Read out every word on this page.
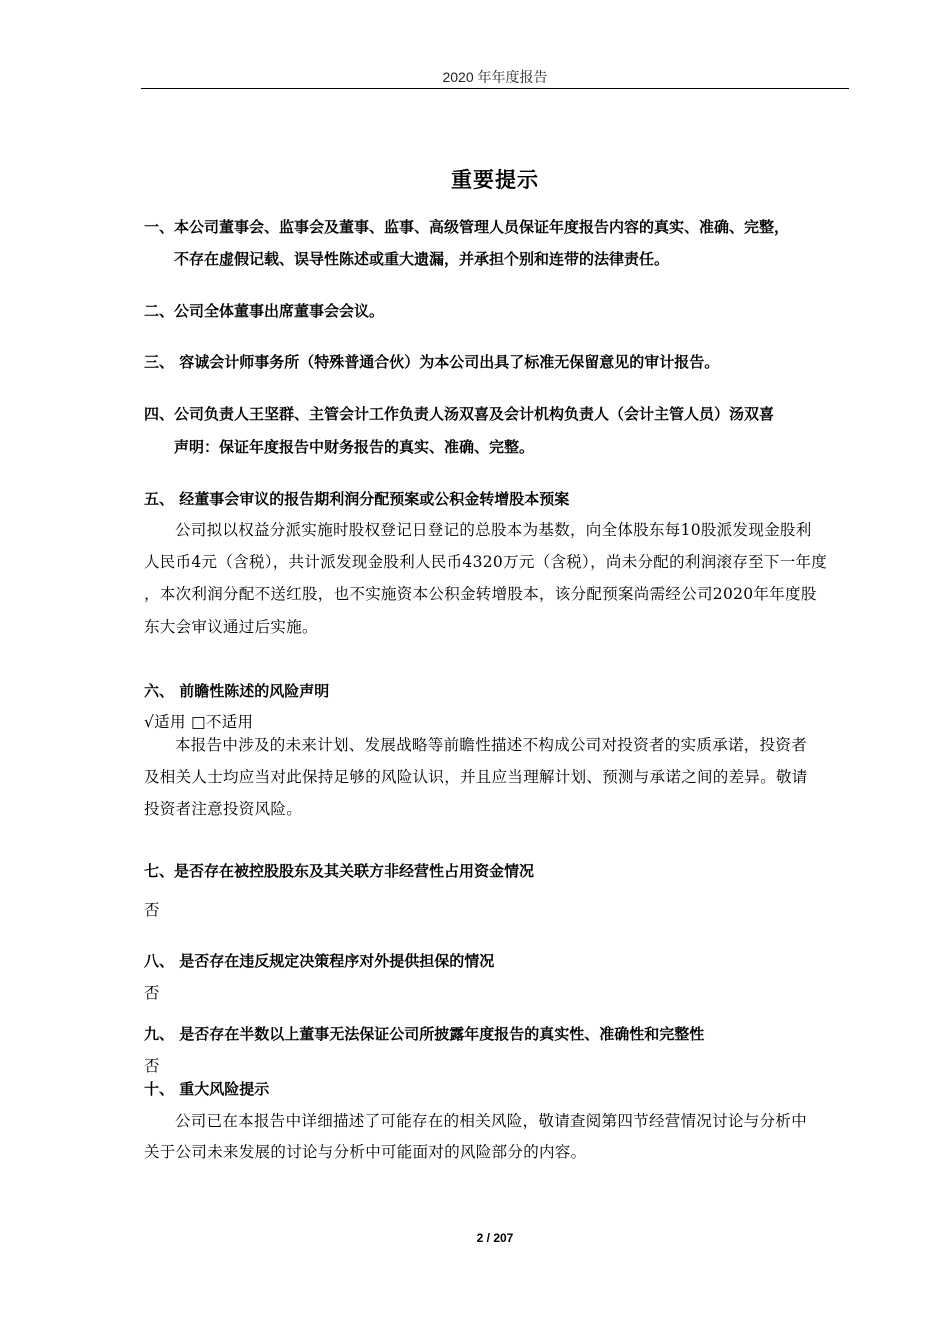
2020 年年度报告
重要提示
一、本公司董事会、监事会及董事、监事、高级管理人员保证年度报告内容的真实、准确、完整，
不存在虚假记载、误导性陈述或重大遗漏，并承担个别和连带的法律责任。
二、公司全体董事出席董事会会议。
三、 容诚会计师事务所（特殊普通合伙）为本公司出具了标准无保留意见的审计报告。
四、公司负责人王坚群、主管会计工作负责人汤双喜及会计机构负责人（会计主管人员）汤双喜
声明：保证年度报告中财务报告的真实、准确、完整。
五、 经董事会审议的报告期利润分配预案或公积金转增股本预案
公司拟以权益分派实施时股权登记日登记的总股本为基数，向全体股东每10股派发现金股利
人民币4元（含税），共计派发现金股利人民币4320万元（含税），尚未分配的利润滚存至下一年度
，本次利润分配不送红股，也不实施资本公积金转增股本，该分配预案尚需经公司2020年年度股
东大会审议通过后实施。
六、 前瞻性陈述的风险声明
√适用 □不适用
本报告中涉及的未来计划、发展战略等前瞻性描述不构成公司对投资者的实质承诺，投资者
及相关人士均应当对此保持足够的风险认识，并且应当理解计划、预测与承诺之间的差异。敬请
投资者注意投资风险。
七、是否存在被控股股东及其关联方非经营性占用资金情况
否
八、 是否存在违反规定决策程序对外提供担保的情况
否
九、 是否存在半数以上董事无法保证公司所披露年度报告的真实性、准确性和完整性
否
十、 重大风险提示
公司已在本报告中详细描述了可能存在的相关风险，敬请查阅第四节经营情况讨论与分析中
关于公司未来发展的讨论与分析中可能面对的风险部分的内容。
2 / 207
